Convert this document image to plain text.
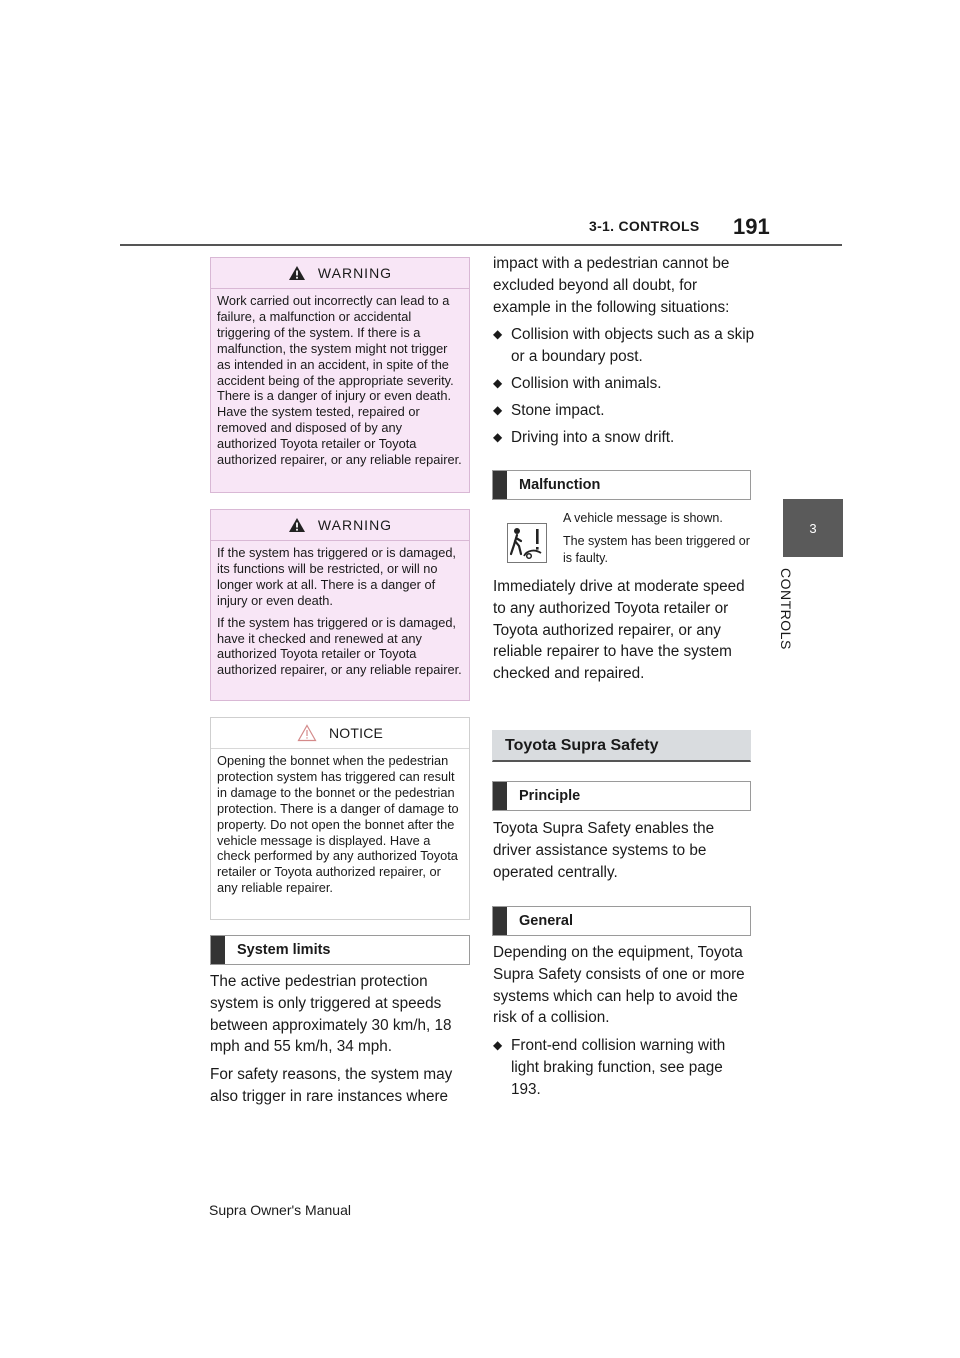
3-1. CONTROLS 191
3
CONTROLS
WARNING

Work carried out incorrectly can lead to a failure, a malfunction or accidental triggering of the system. If there is a malfunction, the system might not trigger as intended in an accident, in spite of the accident being of the appropriate severity. There is a danger of injury or even death. Have the system tested, repaired or removed and disposed of by any authorized Toyota retailer or Toyota authorized repairer, or any reliable repairer.

WARNING

If the system has triggered or is damaged, its functions will be restricted, or will no longer work at all. There is a danger of injury or even death.

If the system has triggered or is damaged, have it checked and renewed at any authorized Toyota retailer or Toyota authorized repairer, or any reliable repairer.

NOTICE

Opening the bonnet when the pedestrian protection system has triggered can result in damage to the bonnet or the pedestrian protection. There is a danger of damage to property. Do not open the bonnet after the vehicle message is displayed. Have a check performed by any authorized Toyota retailer or Toyota authorized repairer, or any reliable repairer.

System limits

The active pedestrian protection system is only triggered at speeds between approximately 30 km/h, 18 mph and 55 km/h, 34 mph.

For safety reasons, the system may also trigger in rare instances where

impact with a pedestrian cannot be excluded beyond all doubt, for example in the following situations:

◆ Collision with objects such as a skip or a boundary post.
◆ Collision with animals.
◆ Stone impact.
◆ Driving into a snow drift.
Malfunction

A vehicle message is shown.

The system has been triggered or is faulty.

Immediately drive at moderate speed to any authorized Toyota retailer or Toyota authorized repairer, or any reliable repairer to have the system checked and repaired.

Toyota Supra Safety
Principle

Toyota Supra Safety enables the driver assistance systems to be operated centrally.

General

Depending on the equipment, Toyota Supra Safety consists of one or more systems which can help to avoid the risk of a collision.

◆ Front-end collision warning with light braking function, see page 193.
Supra Owner's Manual
